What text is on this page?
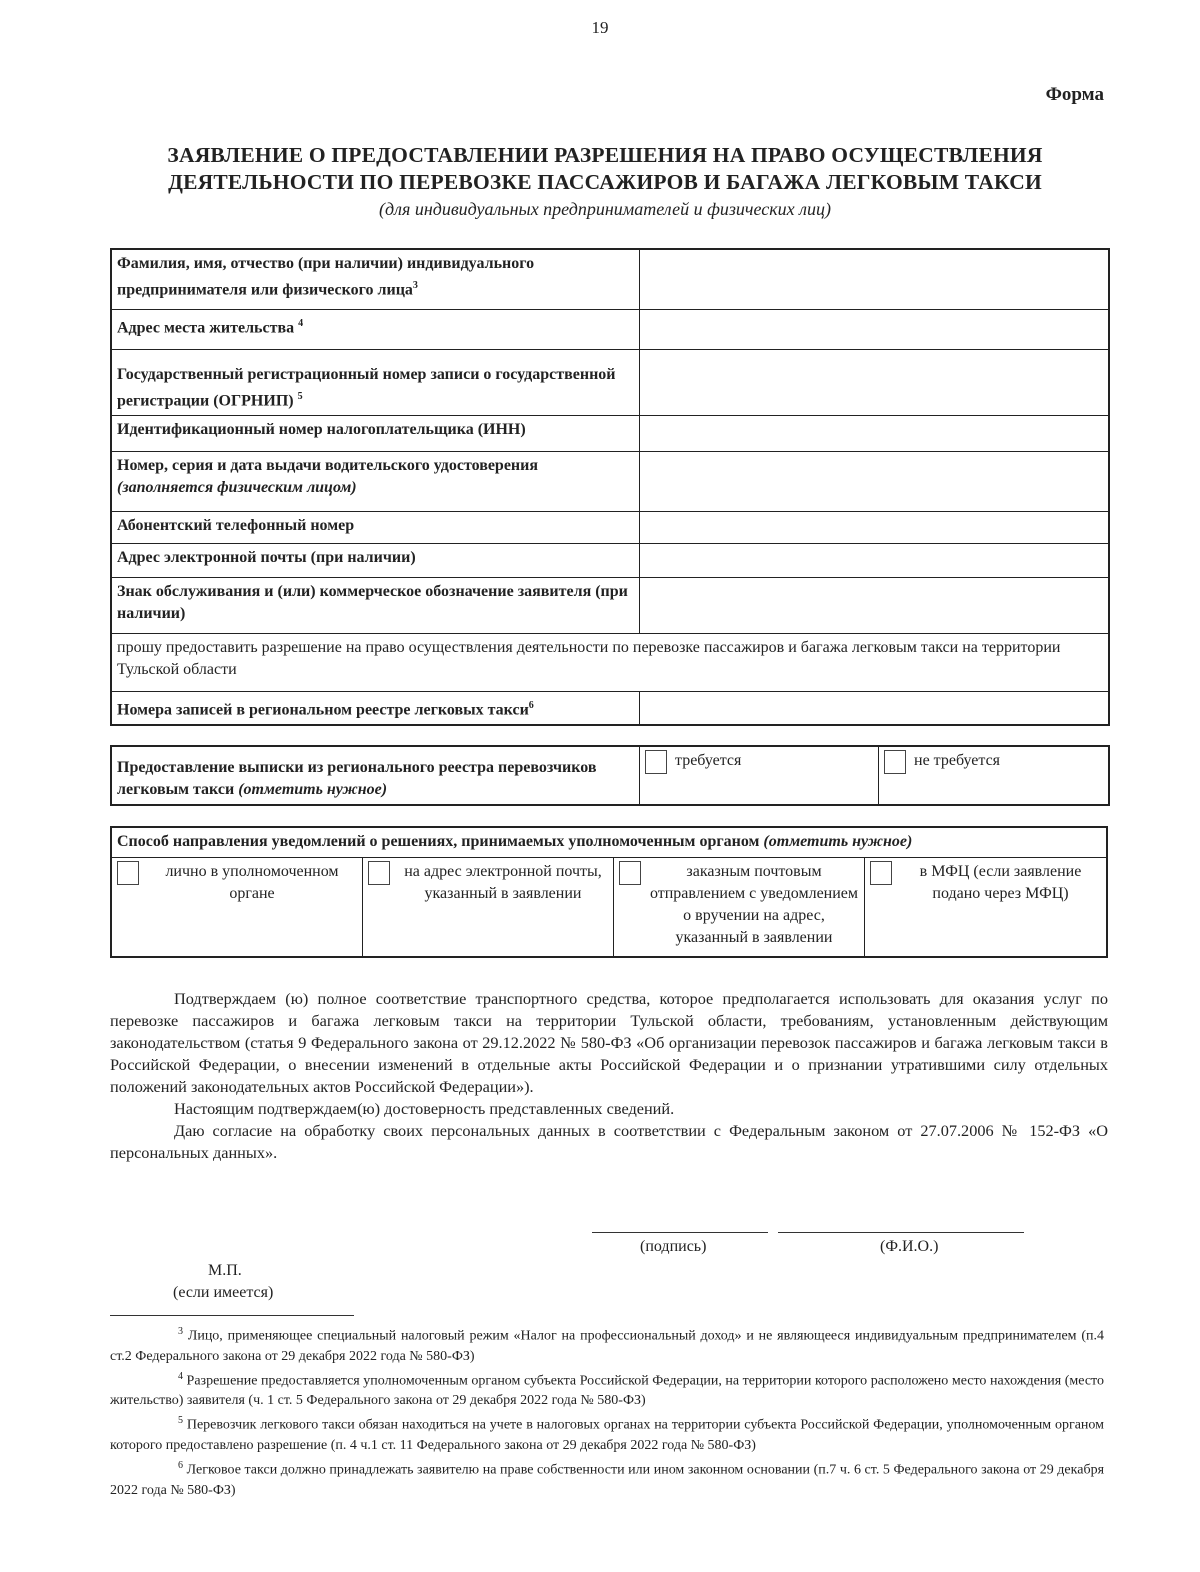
19
Форма
ЗАЯВЛЕНИЕ О ПРЕДОСТАВЛЕНИИ РАЗРЕШЕНИЯ НА ПРАВО ОСУЩЕСТВЛЕНИЯ
ДЕЯТЕЛЬНОСТИ ПО ПЕРЕВОЗКЕ ПАССАЖИРОВ И БАГАЖА ЛЕГКОВЫМ ТАКСИ
(для индивидуальных предпринимателей и физических лиц)
Фамилия, имя, отчество (при наличии) индивидуального предпринимателя или физического лица$^3$	
Адрес места жительства $^4$	
Государственный регистрационный номер записи о государственной регистрации (ОГРНИП) $^5$	
Идентификационный номер налогоплательщика (ИНН)	
Номер, серия и дата выдачи водительского удостоверения (заполняется физическим лицом)	
Абонентский телефонный номер	
Адрес электронной почты (при наличии)	
Знак обслуживания и (или) коммерческое обозначение заявителя (при наличии)	
прошу предоставить разрешение на право осуществления деятельности по перевозке пассажиров и багажа легковым такси на территории Тульской области	
Номера записей в региональном реестре легковых такси$^6$	
Предоставление выписки из регионального реестра перевозчиков легковым такси (отметить нужное)	требуется	не требуется
Способ направления уведомлений о решениях, принимаемых уполномоченным органом (отметить нужное)

лично в уполномоченном органе

на адрес электронной почты, указанный в заявлении

заказным почтовым отправлением с уведомлением о вручении на адрес, указанный в заявлении

в МФЦ (если заявление подано через МФЦ)

Подтверждаем (ю) полное соответствие транспортного средства, которое предполагается использовать для оказания услуг по перевозке пассажиров и багажа легковым такси на территории Тульской области, требованиям, установленным действующим законодательством (статья 9 Федерального закона от 29.12.2022 № 580-ФЗ «Об организации перевозок пассажиров и багажа легковым такси в Российской Федерации, о внесении изменений в отдельные акты Российской Федерации и о признании утратившими силу отдельных положений законодательных актов Российской Федерации»).

Настоящим подтверждаем(ю) достоверность представленных сведений.

Даю согласие на обработку своих персональных данных в соответствии с Федеральным законом от 27.07.2006 № 152-ФЗ «О персональных данных».

(подпись)	(Ф.И.О.)
М.П.
(если имеется)

$^3$ Лицо, применяющее специальный налоговый режим «Налог на профессиональный доход» и не являющееся индивидуальным предпринимателем (п.4 ст.2 Федерального закона от 29 декабря 2022 года № 580-ФЗ)

$^4$ Разрешение предоставляется уполномоченным органом субъекта Российской Федерации, на территории которого расположено место нахождения (место жительство) заявителя (ч. 1 ст. 5 Федерального закона от 29 декабря 2022 года № 580-ФЗ)

$^5$ Перевозчик легкового такси обязан находиться на учете в налоговых органах на территории субъекта Российской Федерации, уполномоченным органом которого предоставлено разрешение (п. 4 ч.1 ст. 11 Федерального закона от 29 декабря 2022 года № 580-ФЗ)

$^6$ Легковое такси должно принадлежать заявителю на праве собственности или ином законном основании (п.7 ч. 6 ст. 5 Федерального закона от 29 декабря 2022 года № 580-ФЗ)
